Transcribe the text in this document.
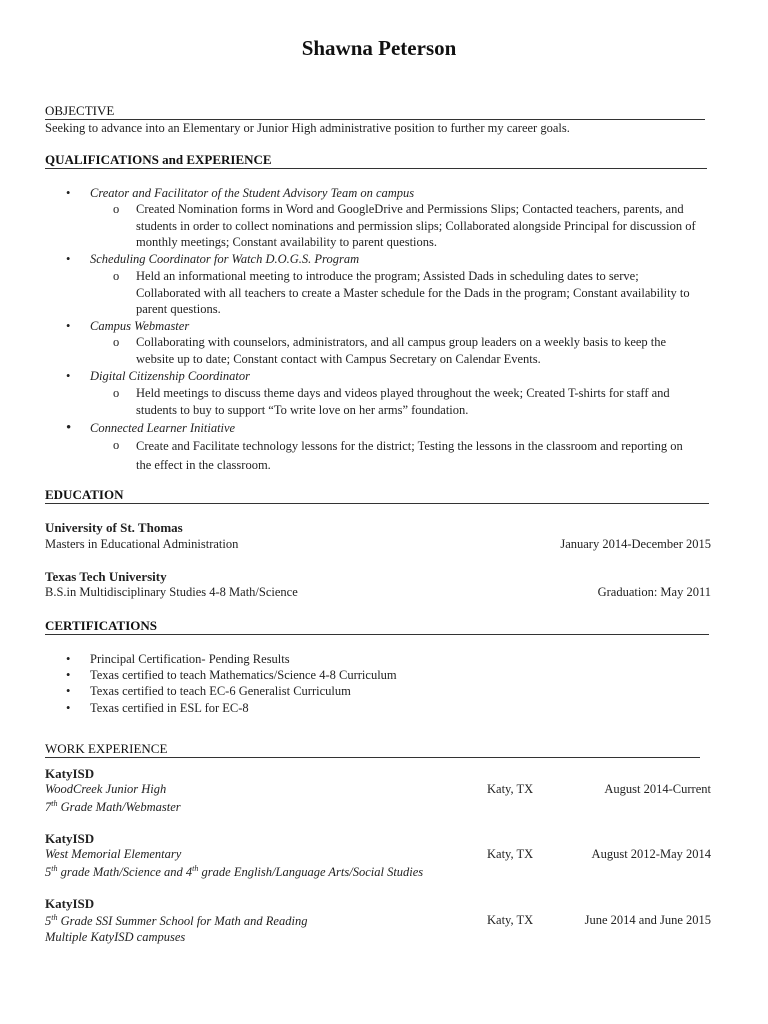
Shawna Peterson
OBJECTIVE
Seeking to advance into an Elementary or Junior High administrative position to further my career goals.
QUALIFICATIONS and EXPERIENCE
•	Creator and Facilitator of the Student Advisory Team on campus
o Created Nomination forms in Word and GoogleDrive and Permissions Slips; Contacted teachers, parents, and students in order to collect nominations and permission slips; Collaborated alongside Principal for discussion of monthly meetings; Constant availability to parent questions.
•	Scheduling Coordinator for Watch D.O.G.S. Program
o Held an informational meeting to introduce the program; Assisted Dads in scheduling dates to serve; Collaborated with all teachers to create a Master schedule for the Dads in the program; Constant availability to parent questions.
•	Campus Webmaster
o Collaborating with counselors, administrators, and all campus group leaders on a weekly basis to keep the website up to date; Constant contact with Campus Secretary on Calendar Events.
•	Digital Citizenship Coordinator
o Held meetings to discuss theme days and videos played throughout the week; Created T-shirts for staff and students to buy to support “To write love on her arms” foundation.
•	Connected Learner Initiative
o Create and Facilitate technology lessons for the district; Testing the lessons in the classroom and reporting on the effect in the classroom.
EDUCATION
University of St. Thomas
Masters in Educational Administration	January 2014-December 2015
Texas Tech University
B.S.in Multidisciplinary Studies 4-8 Math/Science	Graduation: May 2011
CERTIFICATIONS
•	Principal Certification- Pending Results
•	Texas certified to teach Mathematics/Science 4-8 Curriculum
•	Texas certified to teach EC-6 Generalist Curriculum
•	Texas certified in ESL for EC-8
WORK EXPERIENCE
KatyISD
WoodCreek Junior High	Katy, TX	August 2014-Current
7th Grade Math/Webmaster
KatyISD
West Memorial Elementary	Katy, TX	August 2012-May 2014
5th grade Math/Science and 4th grade English/Language Arts/Social Studies
KatyISD
5th Grade SSI Summer School for Math and Reading	Katy, TX	June 2014 and June 2015
Multiple KatyISD campuses
